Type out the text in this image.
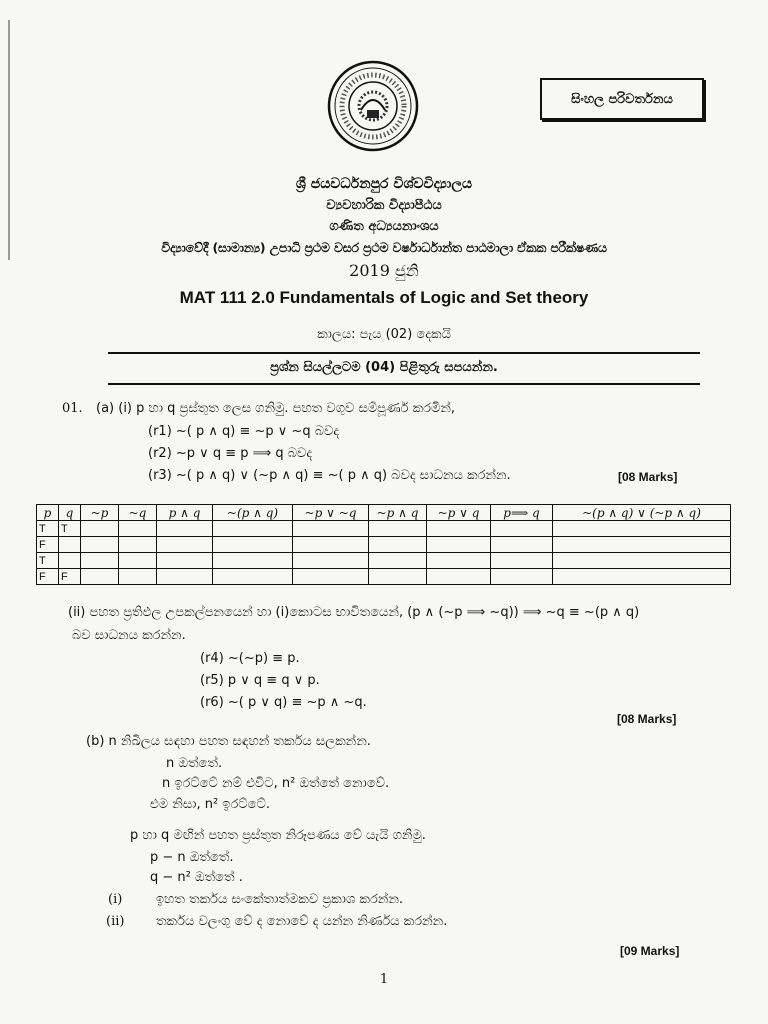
සිංහල පරිවර්තනය
ශ්‍රී ජයවර්ධනපුර විශ්වවිද්‍යාලය
ව්‍යවහාරික විද්‍යාපීඨය
ගණිත අධ්‍යයනාංශය
විද්‍යාවේදී (සාමාන්‍ය) උපාධි ප්‍රථම වසර ප්‍රථම වර්ෂාර්ධාන්ත පාඨමාලා ඒකක පරීක්ෂණය
2019 ජුනි
MAT 111 2.0 Fundamentals of Logic and Set theory
කාලය: පැය (02) දෙකයි
ප්‍රශ්න සියල්ලටම (04) පිළිතුරු සපයන්න.
01. (a) (i) p හා q ප්‍රස්තුත ලෙස ගනිමු. පහත වගුව සම්පූර්ණ කරමින්,
(r1) ~( p ∧ q) ≡ ~p ∨ ~q බවද
(r2) ~p ∨ q ≡ p ⟹ q බවද
(r3) ~( p ∧ q) ∨ (~p ∧ q) ≡ ~( p ∧ q) බවද සාධනය කරන්න.	[08 Marks]
p	q	~p	~q	p ∧ q	~(p ∧ q)	~p ∨ ~q	~p ∧ q	~p ∨ q	p⟹ q	~(p ∧ q) ∨ (~p ∧ q)
T	T									
F										
T										
F	F									
(ii) පහත ප්‍රතිඵල උපකල්පනයෙන් හා (i)කොටස භාවිතයෙන්, (p ∧ (~p ⟹ ~q)) ⟹ ~q ≡ ~(p ∧ q)
බව සාධනය කරන්න.
(r4) ~(~p) ≡ p.
(r5) p ∨ q ≡ q ∨ p.
(r6) ~( p ∨ q) ≡ ~p ∧ ~q.
[08 Marks]
(b) n නිඛිලය සඳහා පහත සඳහන් තර්කය සලකන්න.
n ඔත්තේ.
n ඉරට්ටේ නම් එවිට, n² ඔත්තේ නොවේ.
එම නිසා, n² ඉරට්ටේ.
p හා q මඟින් පහත ප්‍රස්තුත නිරූපණය වේ යැයි ගනිමු.
p − n ඔත්තේ.
q − n² ඔත්තේ .
(i)	ඉහත තර්කය සංකේතාත්මකව ප්‍රකාශ කරන්න.
(ii) තර්කය වලංගු වේ ද නොවේ ද යන්න නිර්ණය කරන්න.
[09 Marks]
1
